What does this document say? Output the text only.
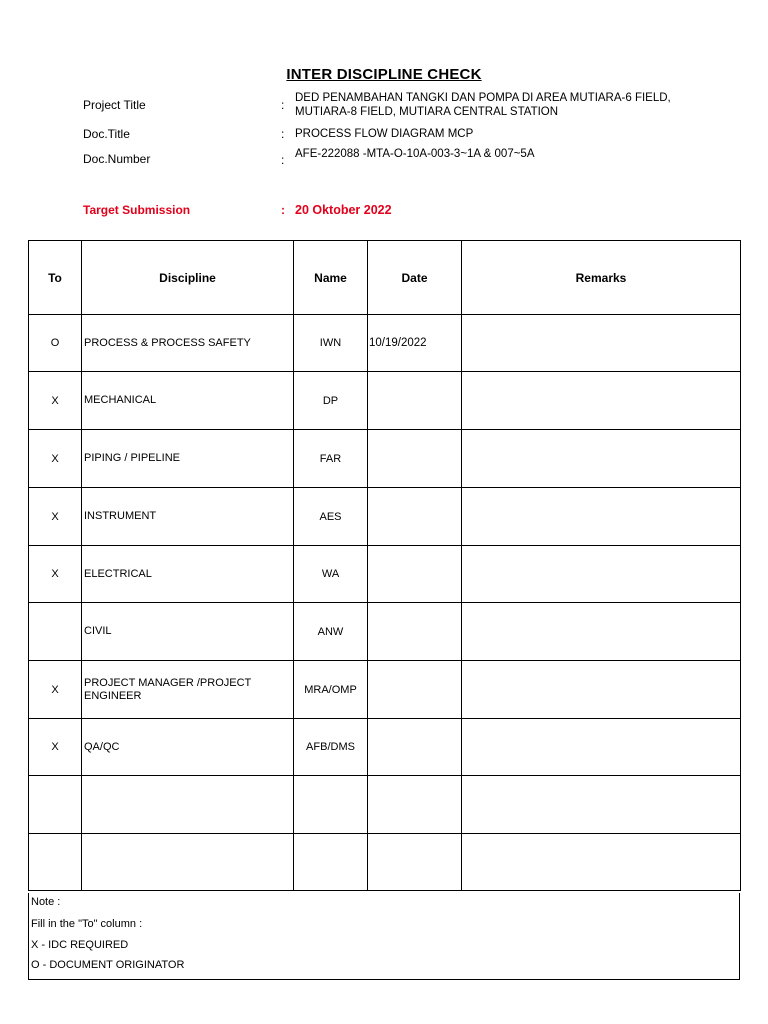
INTER DISCIPLINE CHECK
Project Title	: DED PENAMBAHAN TANGKI DAN POMPA DI AREA MUTIARA-6 FIELD,
MUTIARA-8 FIELD, MUTIARA CENTRAL STATION
Doc.Title	: PROCESS FLOW DIAGRAM MCP
Doc.Number	: AFE-222088 -MTA-O-10A-003-3~1A & 007~5A
Target Submission	: 20 Oktober 2022
To	Discipline	Name	Date	Remarks
O	PROCESS & PROCESS SAFETY	IWN	10/19/2022	
X	MECHANICAL	DP		
X	PIPING / PIPELINE	FAR		
X	INSTRUMENT	AES		
X	ELECTRICAL	WA		
	CIVIL	ANW		
X	PROJECT MANAGER /PROJECT ENGINEER	MRA/OMP		
X	QA/QC	AFB/DMS		

Note :
Fill in the "To" column :
X - IDC REQUIRED
O - DOCUMENT ORIGINATOR
